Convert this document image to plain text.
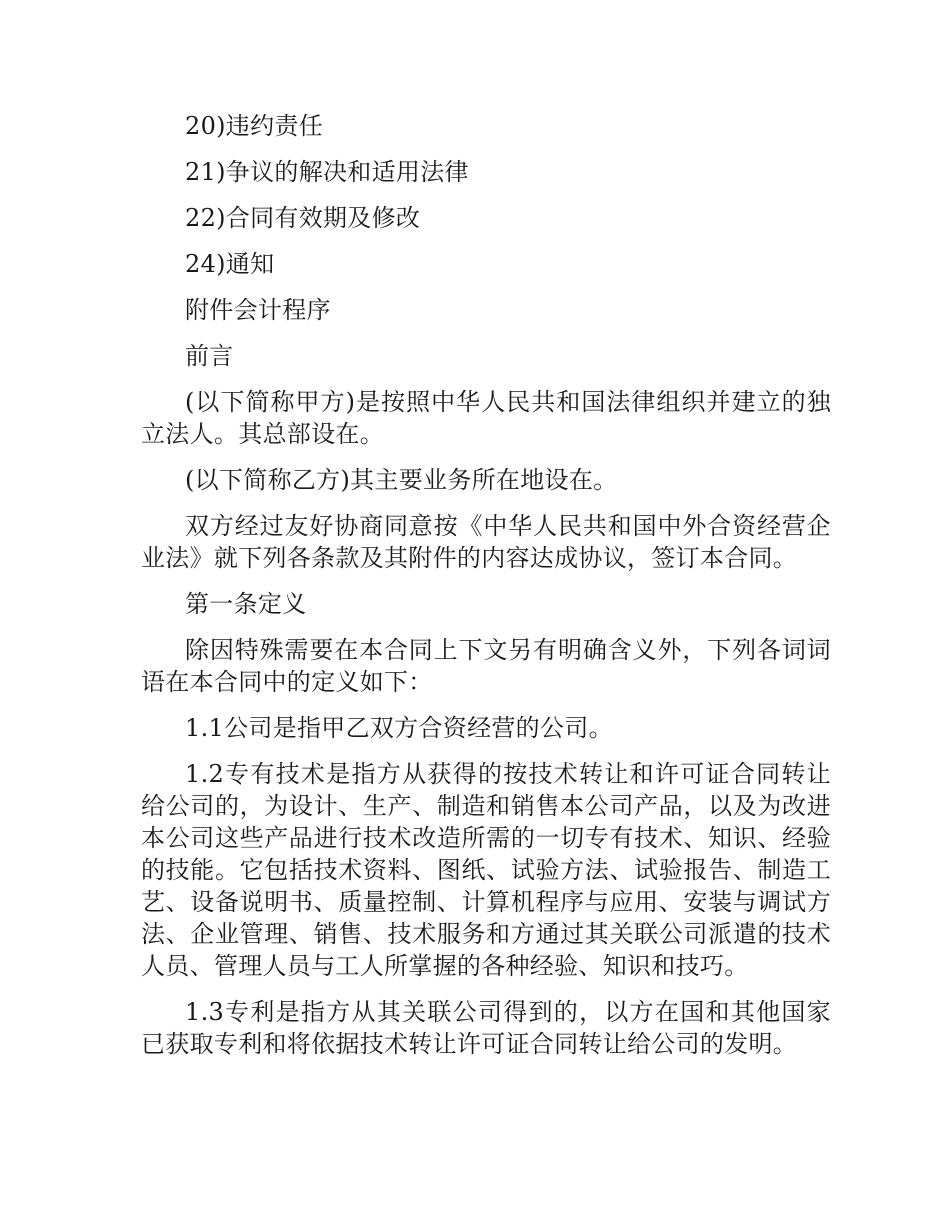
20)违约责任

21)争议的解决和适用法律

22)合同有效期及修改

24)通知

附件会计程序

前言

(以下简称甲方)是按照中华人民共和国法律组织并建立的独立法人。其总部设在。

(以下简称乙方)其主要业务所在地设在。

双方经过友好协商同意按《中华人民共和国中外合资经营企业法》就下列各条款及其附件的内容达成协议，签订本合同。

第一条定义

除因特殊需要在本合同上下文另有明确含义外，下列各词词语在本合同中的定义如下：

1.1公司是指甲乙双方合资经营的公司。

1.2专有技术是指方从获得的按技术转让和许可证合同转让给公司的，为设计、生产、制造和销售本公司产品，以及为改进本公司这些产品进行技术改造所需的一切专有技术、知识、经验的技能。它包括技术资料、图纸、试验方法、试验报告、制造工艺、设备说明书、质量控制、计算机程序与应用、安装与调试方法、企业管理、销售、技术服务和方通过其关联公司派遣的技术人员、管理人员与工人所掌握的各种经验、知识和技巧。

1.3专利是指方从其关联公司得到的，以方在国和其他国家已获取专利和将依据技术转让许可证合同转让给公司的发明。
